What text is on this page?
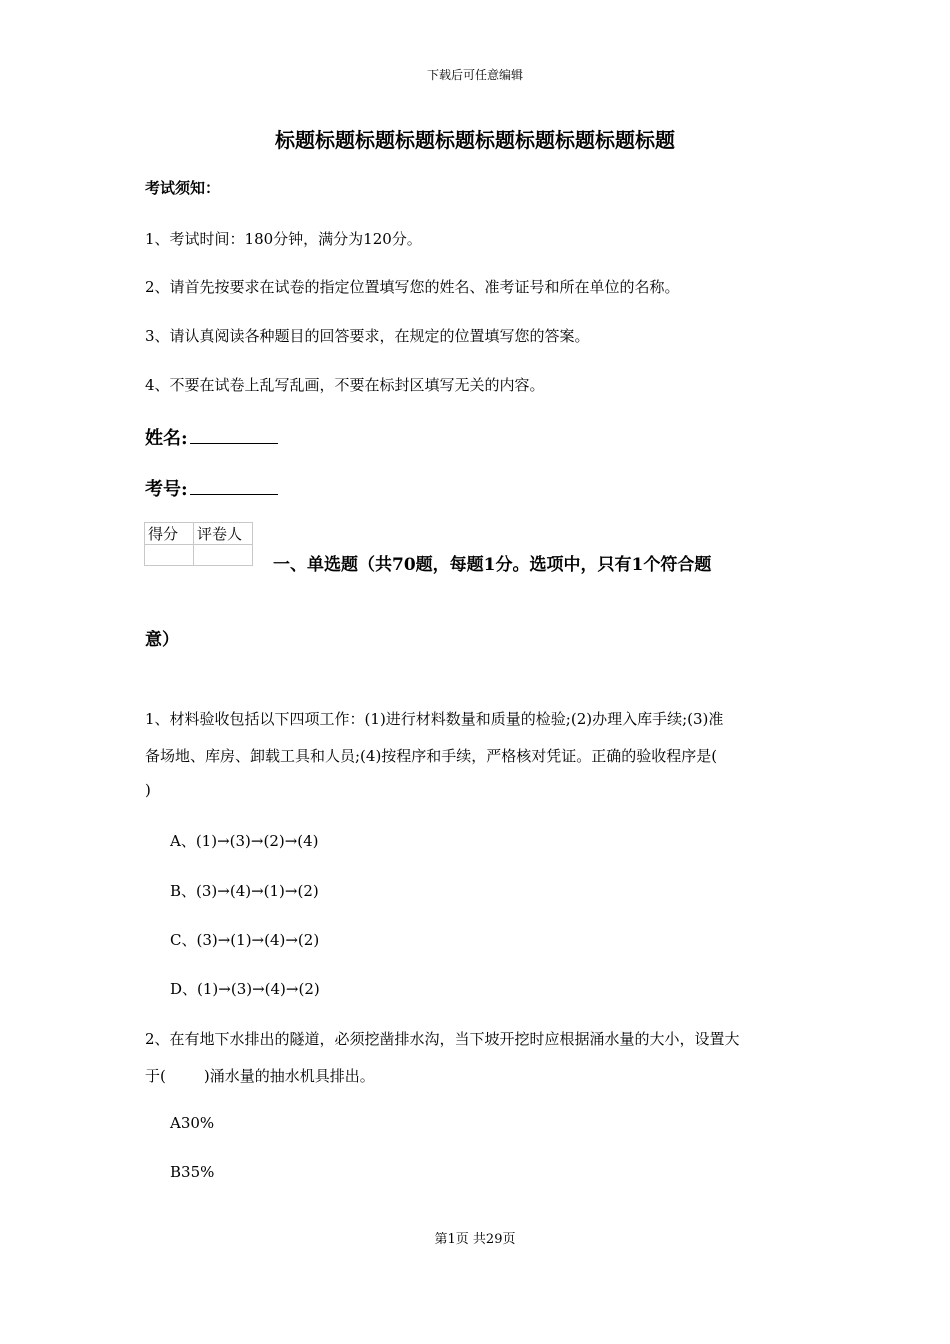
下载后可任意编辑
标题标题标题标题标题标题标题标题标题标题
考试须知：
1、考试时间：180分钟，满分为120分。
2、请首先按要求在试卷的指定位置填写您的姓名、准考证号和所在单位的名称。
3、请认真阅读各种题目的回答要求，在规定的位置填写您的答案。
4、不要在试卷上乱写乱画，不要在标封区填写无关的内容。
姓名:
考号:
得分	评卷人

一、单选题（共70题，每题1分。选项中，只有1个符合题
意）
1、材料验收包括以下四项工作：(1)进行材料数量和质量的检验;(2)办理入库手续;(3)准
备场地、库房、卸载工具和人员;(4)按程序和手续，严格核对凭证。正确的验收程序是(
)
A、(1)→(3)→(2)→(4)
B、(3)→(4)→(1)→(2)
C、(3)→(1)→(4)→(2)
D、(1)→(3)→(4)→(2)
2、在有地下水排出的隧道，必须挖凿排水沟，当下坡开挖时应根据涌水量的大小，设置大
于(	)涌水量的抽水机具排出。
A30%
B35%
第1页 共29页
